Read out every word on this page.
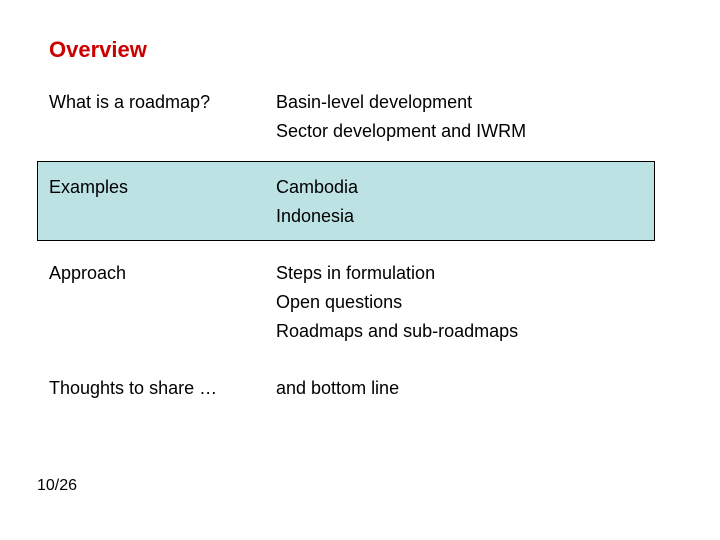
Overview
What is a roadmap?	Basin-level development
Sector development and IWRM
Examples	Cambodia
Indonesia
Approach	Steps in formulation
Open questions
Roadmaps and sub-roadmaps
Thoughts to share …	and bottom line
10/26
